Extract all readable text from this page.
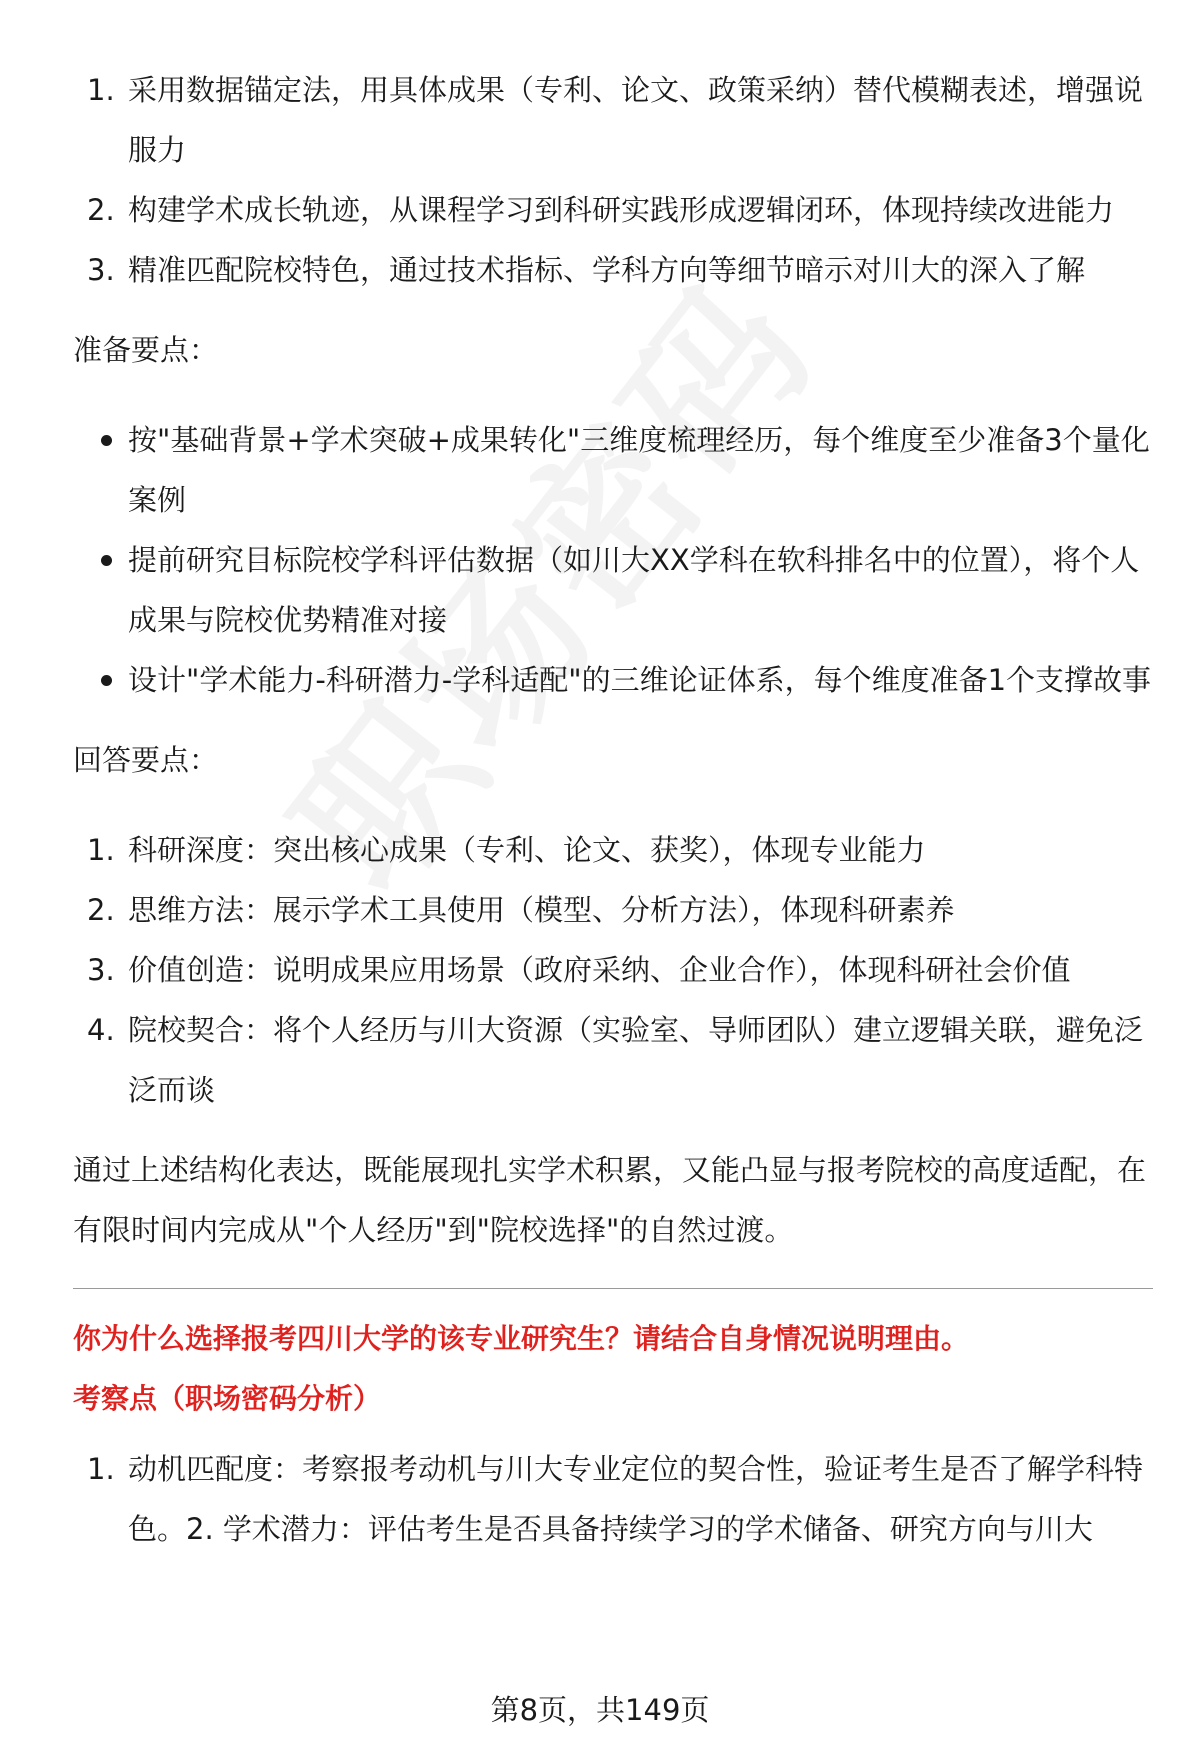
1. 采用数据锚定法，用具体成果（专利、论文、政策采纳）替代模糊表述，增强说服力
2. 构建学术成长轨迹，从课程学习到科研实践形成逻辑闭环，体现持续改进能力
3. 精准匹配院校特色，通过技术指标、学科方向等细节暗示对川大的深入了解

准备要点：

按"基础背景+学术突破+成果转化"三维度梳理经历，每个维度至少准备3个量化案例
提前研究目标院校学科评估数据（如川大XX学科在软科排名中的位置），将个人成果与院校优势精准对接
设计"学术能力-科研潜力-学科适配"的三维论证体系，每个维度准备1个支撑故事

回答要点：

1. 科研深度：突出核心成果（专利、论文、获奖），体现专业能力
2. 思维方法：展示学术工具使用（模型、分析方法），体现科研素养
3. 价值创造：说明成果应用场景（政府采纳、企业合作），体现科研社会价值
4. 院校契合：将个人经历与川大资源（实验室、导师团队）建立逻辑关联，避免泛泛而谈

通过上述结构化表达，既能展现扎实学术积累，又能凸显与报考院校的高度适配，在有限时间内完成从"个人经历"到"院校选择"的自然过渡。

你为什么选择报考四川大学的该专业研究生？请结合自身情况说明理由。

考察点（职场密码分析）

1. 动机匹配度：考察报考动机与川大专业定位的契合性，验证考生是否了解学科特色。2. 学术潜力：评估考生是否具备持续学习的学术储备、研究方向与川大
第8页，共149页
